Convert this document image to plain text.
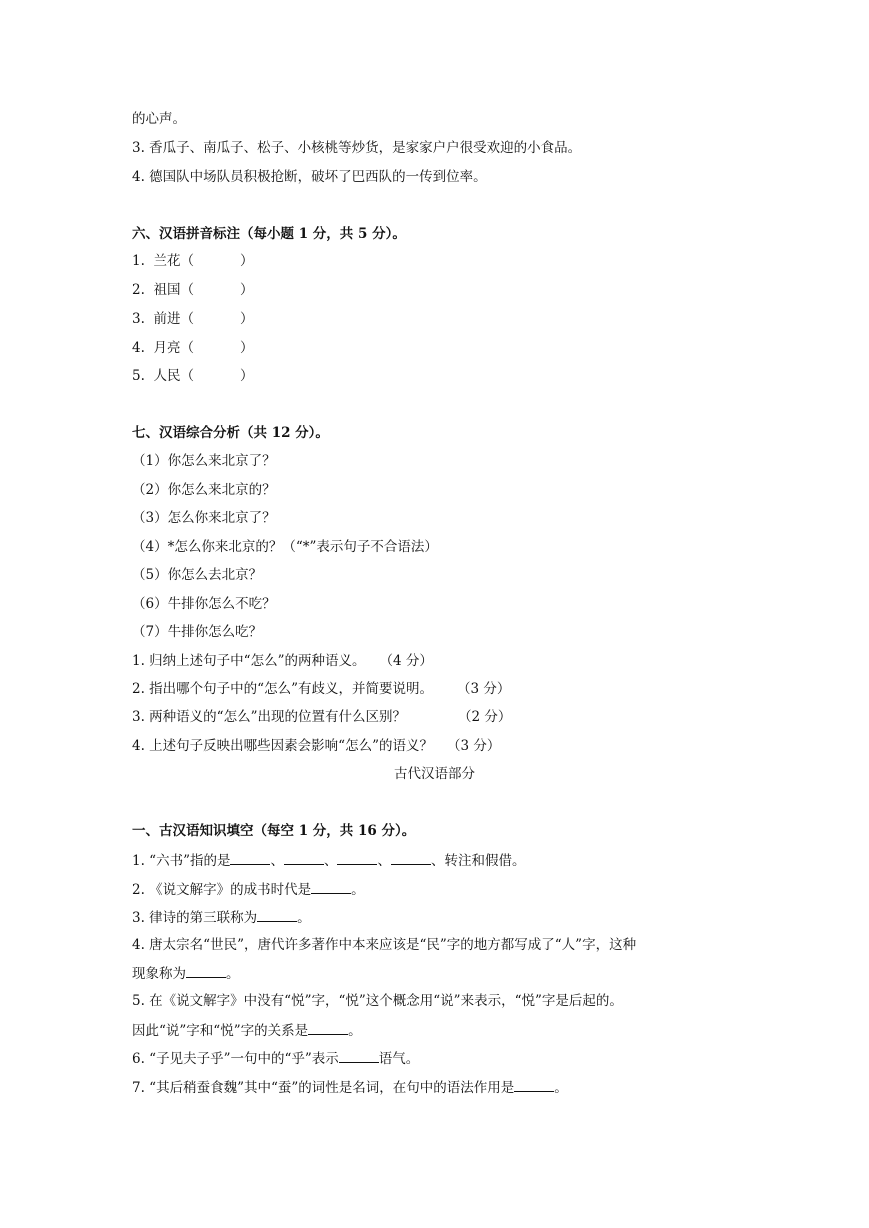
的心声。
3. 香瓜子、南瓜子、松子、小核桃等炒货，是家家户户很受欢迎的小食品。
4. 德国队中场队员积极抢断，破坏了巴西队的一传到位率。
六、汉语拼音标注（每小题 1 分，共 5 分）。
1. 兰花（	）
2. 祖国（	）
3. 前进（	）
4. 月亮（	）
5. 人民（	）
七、汉语综合分析（共 12 分）。
（1）你怎么来北京了？
（2）你怎么来北京的？
（3）怎么你来北京了？
（4）*怎么你来北京的？（“*”表示句子不合语法）
（5）你怎么去北京？
（6）牛排你怎么不吃？
（7）牛排你怎么吃？
1. 归纳上述句子中“怎么”的两种语义。 （4 分）
2. 指出哪个句子中的“怎么”有歧义，并简要说明。 （3 分）
3. 两种语义的“怎么”出现的位置有什么区别？	（2 分）
4. 上述句子反映出哪些因素会影响“怎么”的语义？ （3 分）
古代汉语部分
一、古汉语知识填空（每空 1 分，共 16 分）。
1. “六书”指的是	、	、	、	、转注和假借。
2. 《说文解字》的成书时代是	。
3. 律诗的第三联称为	。
4. 唐太宗名“世民”，唐代许多著作中本来应该是“民”字的地方都写成了“人”字，这种
现象称为	。
5. 在《说文解字》中没有“悦”字，“悦”这个概念用“说”来表示，“悦”字是后起的。
因此“说”字和“悦”字的关系是	。
6. “子见夫子乎”一句中的“乎”表示	语气。
7. “其后稍蚕食魏”其中“蚕”的词性是名词，在句中的语法作用是	。
